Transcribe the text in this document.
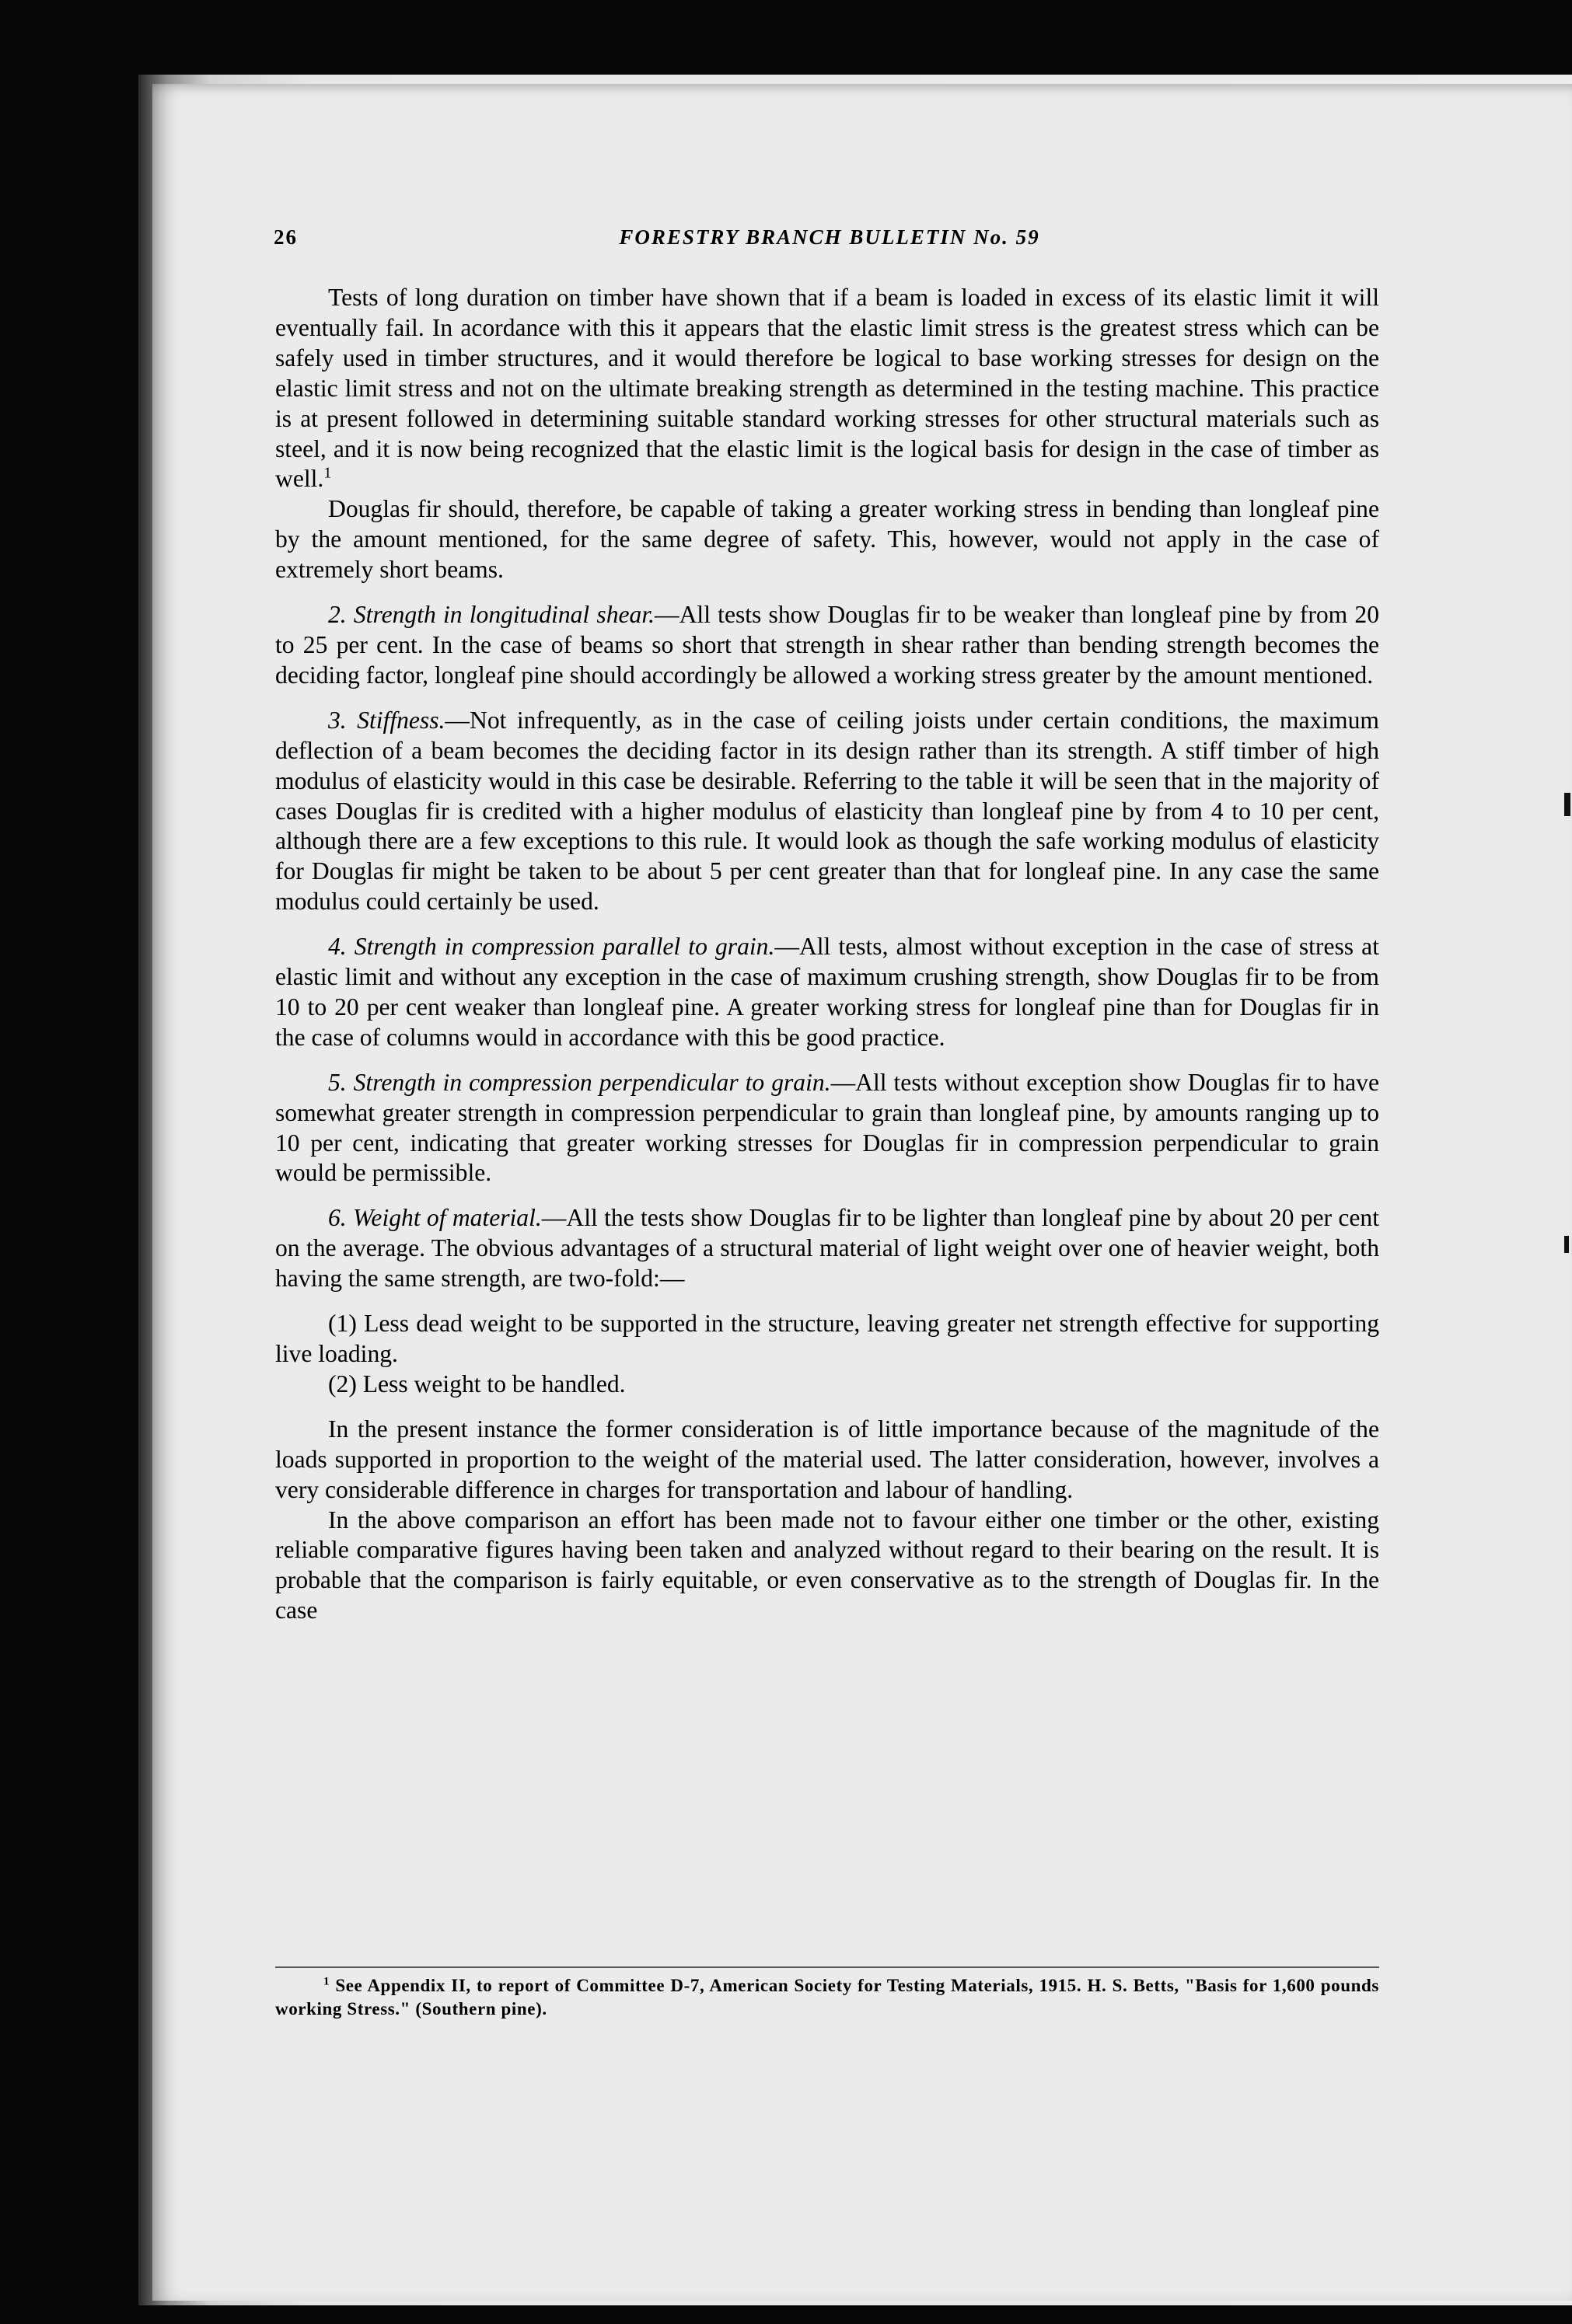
26	FORESTRY BRANCH BULLETIN No. 59

Tests of long duration on timber have shown that if a beam is loaded in excess of its elastic limit it will eventually fail. In acordance with this it appears that the elastic limit stress is the greatest stress which can be safely used in timber structures, and it would therefore be logical to base working stresses for design on the elastic limit stress and not on the ultimate breaking strength as determined in the testing machine. This practice is at present followed in determining suitable standard working stresses for other structural materials such as steel, and it is now being recognized that the elastic limit is the logical basis for design in the case of timber as well.$^1$

Douglas fir should, therefore, be capable of taking a greater working stress in bending than longleaf pine by the amount mentioned, for the same degree of safety. This, however, would not apply in the case of extremely short beams.

2. Strength in longitudinal shear.—All tests show Douglas fir to be weaker than longleaf pine by from 20 to 25 per cent. In the case of beams so short that strength in shear rather than bending strength becomes the deciding factor, longleaf pine should accordingly be allowed a working stress greater by the amount mentioned.

3. Stiffness.—Not infrequently, as in the case of ceiling joists under certain conditions, the maximum deflection of a beam becomes the deciding factor in its design rather than its strength. A stiff timber of high modulus of elasticity would in this case be desirable. Referring to the table it will be seen that in the majority of cases Douglas fir is credited with a higher modulus of elasticity than longleaf pine by from 4 to 10 per cent, although there are a few exceptions to this rule. It would look as though the safe working modulus of elasticity for Douglas fir might be taken to be about 5 per cent greater than that for longleaf pine. In any case the same modulus could certainly be used.

4. Strength in compression parallel to grain.—All tests, almost without exception in the case of stress at elastic limit and without any exception in the case of maximum crushing strength, show Douglas fir to be from 10 to 20 per cent weaker than longleaf pine. A greater working stress for longleaf pine than for Douglas fir in the case of columns would in accordance with this be good practice.

5. Strength in compression perpendicular to grain.—All tests without exception show Douglas fir to have somewhat greater strength in compression perpendicular to grain than longleaf pine, by amounts ranging up to 10 per cent, indicating that greater working stresses for Douglas fir in compression perpendicular to grain would be permissible.

6. Weight of material.—All the tests show Douglas fir to be lighter than longleaf pine by about 20 per cent on the average. The obvious advantages of a structural material of light weight over one of heavier weight, both having the same strength, are two-fold:—

(1) Less dead weight to be supported in the structure, leaving greater net strength effective for supporting live loading.

(2) Less weight to be handled.

In the present instance the former consideration is of little importance because of the magnitude of the loads supported in proportion to the weight of the material used. The latter consideration, however, involves a very considerable difference in charges for transportation and labour of handling.

In the above comparison an effort has been made not to favour either one timber or the other, existing reliable comparative figures having been taken and analyzed without regard to their bearing on the result. It is probable that the comparison is fairly equitable, or even conservative as to the strength of Douglas fir. In the case

$^1$ See Appendix II, to report of Committee D-7, American Society for Testing Materials, 1915. H. S. Betts, "Basis for 1,600 pounds working Stress." (Southern pine).
